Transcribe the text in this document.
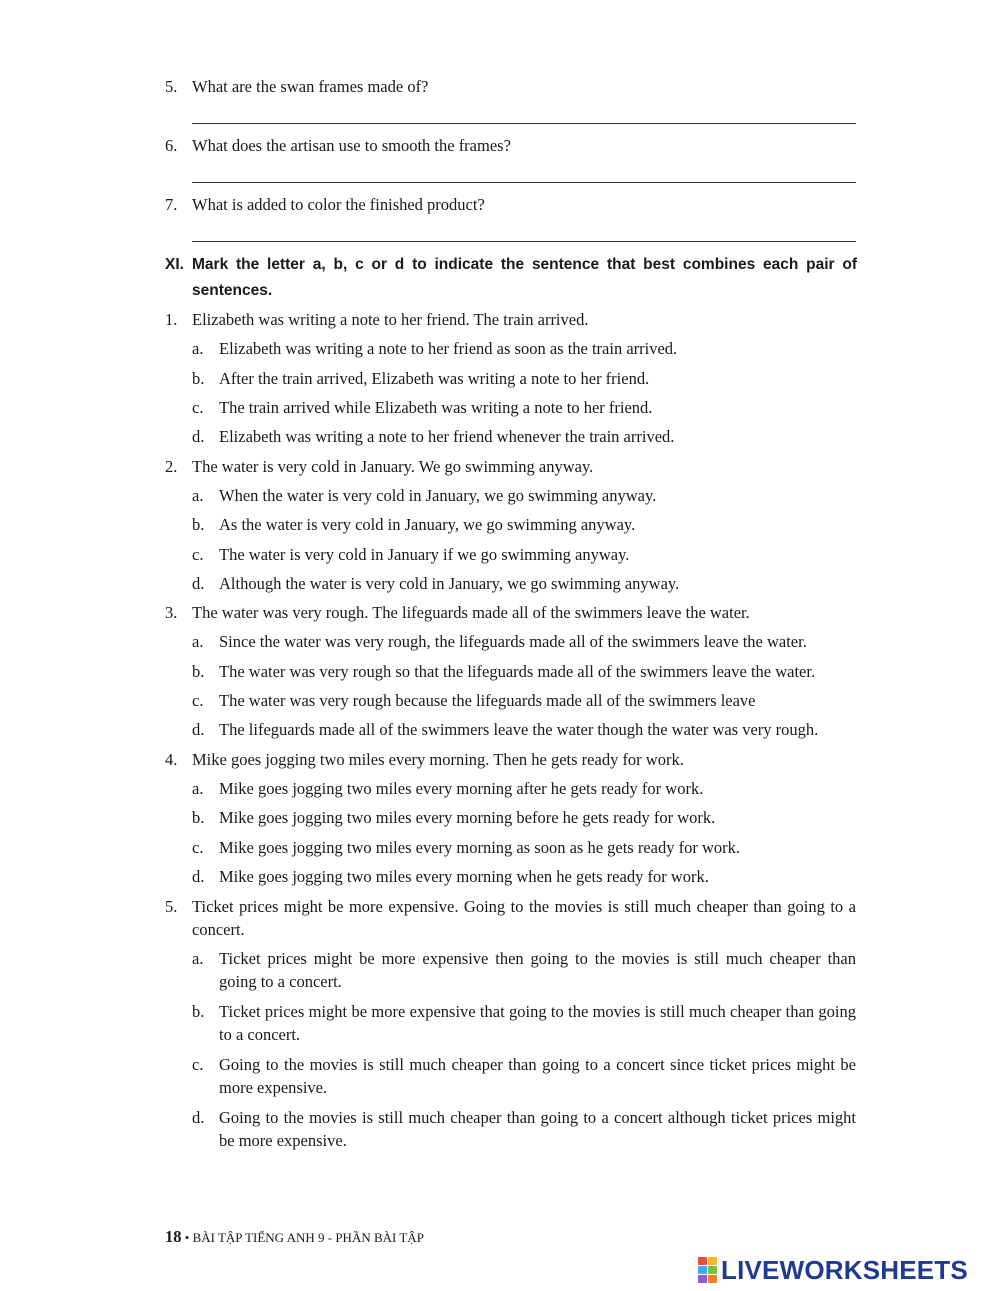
5. What are the swan frames made of?
6. What does the artisan use to smooth the frames?
7. What is added to color the finished product?
XI. Mark the letter a, b, c or d to indicate the sentence that best combines each pair of
sentences.
1. Elizabeth was writing a note to her friend. The train arrived.
a. Elizabeth was writing a note to her friend as soon as the train arrived.
b. After the train arrived, Elizabeth was writing a note to her friend.
c. The train arrived while Elizabeth was writing a note to her friend.
d. Elizabeth was writing a note to her friend whenever the train arrived.
2. The water is very cold in January. We go swimming anyway.
a. When the water is very cold in January, we go swimming anyway.
b. As the water is very cold in January, we go swimming anyway.
c. The water is very cold in January if we go swimming anyway.
d. Although the water is very cold in January, we go swimming anyway.
3. The water was very rough. The lifeguards made all of the swimmers leave the water.
a. Since the water was very rough, the lifeguards made all of the swimmers leave the water.
b. The water was very rough so that the lifeguards made all of the swimmers leave the water.
c. The water was very rough because the lifeguards made all of the swimmers leave
d. The lifeguards made all of the swimmers leave the water though the water was very rough.
4. Mike goes jogging two miles every morning. Then he gets ready for work.
a. Mike goes jogging two miles every morning after he gets ready for work.
b. Mike goes jogging two miles every morning before he gets ready for work.
c. Mike goes jogging two miles every morning as soon as he gets ready for work.
d. Mike goes jogging two miles every morning when he gets ready for work.
5. Ticket prices might be more expensive. Going to the movies is still much cheaper than going to a concert.
a. Ticket prices might be more expensive then going to the movies is still much cheaper than going to a concert.
b. Ticket prices might be more expensive that going to the movies is still much cheaper than going to a concert.
c. Going to the movies is still much cheaper than going to a concert since ticket prices might be more expensive.
d. Going to the movies is still much cheaper than going to a concert although ticket prices might be more expensive.
18 • BÀI TẬP TIẾNG ANH 9 - PHẦN BÀI TẬP
LIVEWORKSHEETS
